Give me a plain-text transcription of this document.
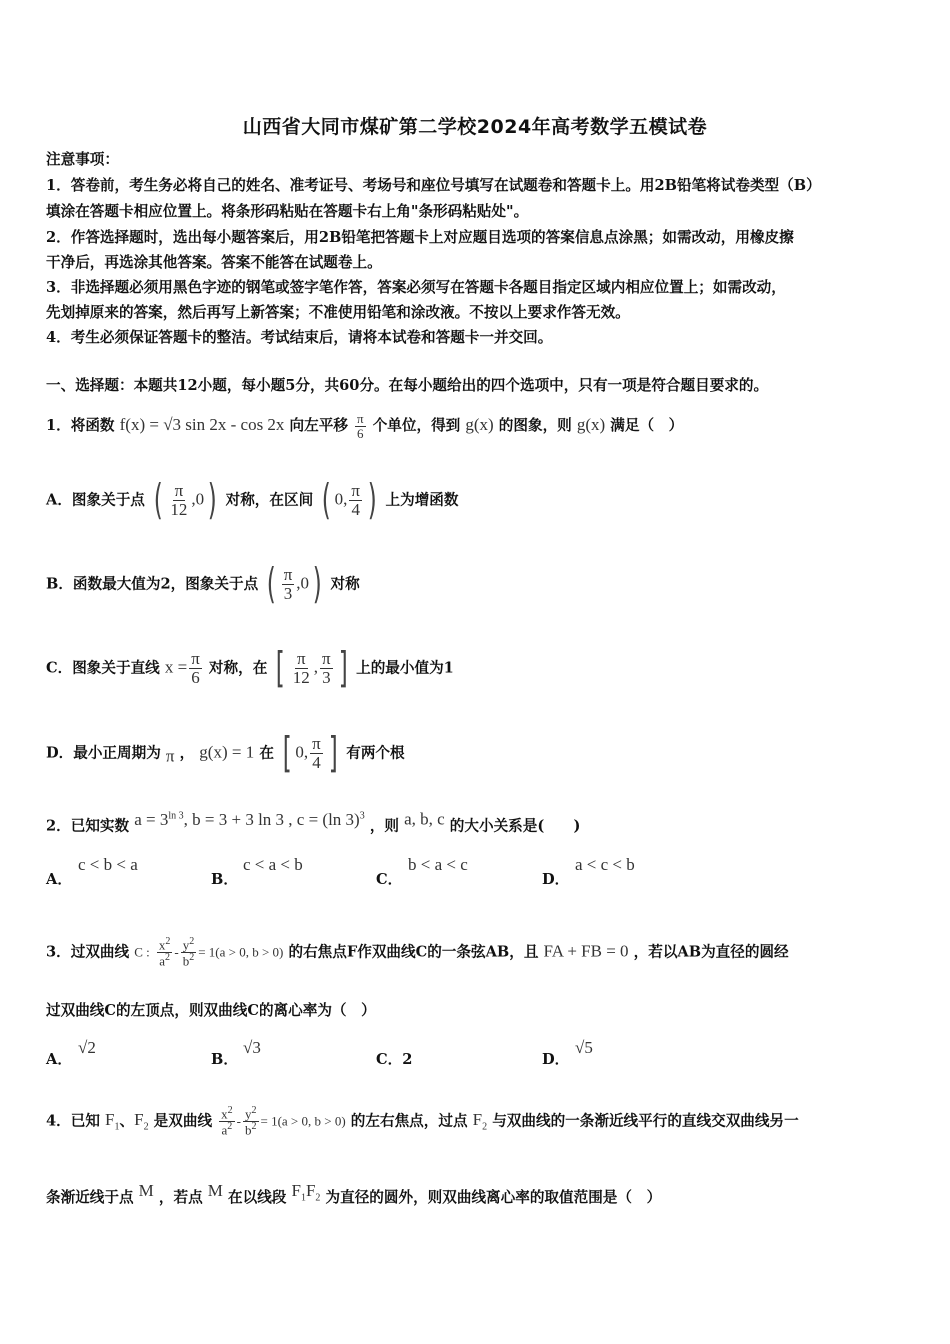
山西省大同市煤矿第二学校2024年高考数学五模试卷
注意事项：
1．答卷前，考生务必将自己的姓名、准考证号、考场号和座位号填写在试题卷和答题卡上。用2B铅笔将试卷类型（B）
填涂在答题卡相应位置上。将条形码粘贴在答题卡右上角"条形码粘贴处"。
2．作答选择题时，选出每小题答案后，用2B铅笔把答题卡上对应题目选项的答案信息点涂黑；如需改动，用橡皮擦
干净后，再选涂其他答案。答案不能答在试题卷上。
3．非选择题必须用黑色字迹的钢笔或签字笔作答，答案必须写在答题卡各题目指定区域内相应位置上；如需改动，
先划掉原来的答案，然后再写上新答案；不准使用铅笔和涂改液。不按以上要求作答无效。
4．考生必须保证答题卡的整洁。考试结束后，请将本试卷和答题卡一并交回。
一、选择题：本题共12小题，每小题5分，共60分。在每小题给出的四个选项中，只有一项是符合题目要求的。
1．将函数 f(x) = √3 sin 2x - cos 2x 向左平移 $\frac{\pi}{6}$ 个单位，得到 g(x) 的图象，则 g(x) 满足（　）
A．图象关于点 ( $\frac{\pi}{12} ,0$) 对称，在区间 ( 0, $\frac{\pi}{4}$ ) 上为增函数
B．函数最大值为2，图象关于点 ( $\frac{\pi}{3} ,0$) 对称
C．图象关于直线 $x = \frac{\pi}{6}$ 对称，在 [ $\frac{\pi}{12}$ , $\frac{\pi}{3}$ ] 上的最小值为1
D．最小正周期为 π ， g(x) = 1 在 [ 0, $\frac{\pi}{4}$ ] 有两个根
2．已知实数 $a = 3^{ln 3}$, b = 3 + 3 ln 3 , c = (ln 3)$^3$ ，则 a, b, c 的大小关系是(　　)
A．
c < b < a
B．
c < a < b
C．
b < a < c
D．
a < c < b
3．过双曲线 C : $\frac{x^2}{a^2} - \frac{y^2}{b^2} = 1(a > 0$, b > 0) 的右焦点F作双曲线C的一条弦AB，且 FA + FB = 0 ，若以AB为直径的圆经
过双曲线C的左顶点，则双曲线C的离心率为（　）
A．
√2
B．
√3
C．2	D．
√5
4．已知 $F_1$、$F_2$ 是双曲线 $\frac{x^2}{a^2} - \frac{y^2}{b^2} = 1(a > 0$, b > 0) 的左右焦点，过点 $F_2$ 与双曲线的一条渐近线平行的直线交双曲线另一
条渐近线于点 M ，若点 M 在以线段 $F_1F_2$ 为直径的圆外，则双曲线离心率的取值范围是（　）
